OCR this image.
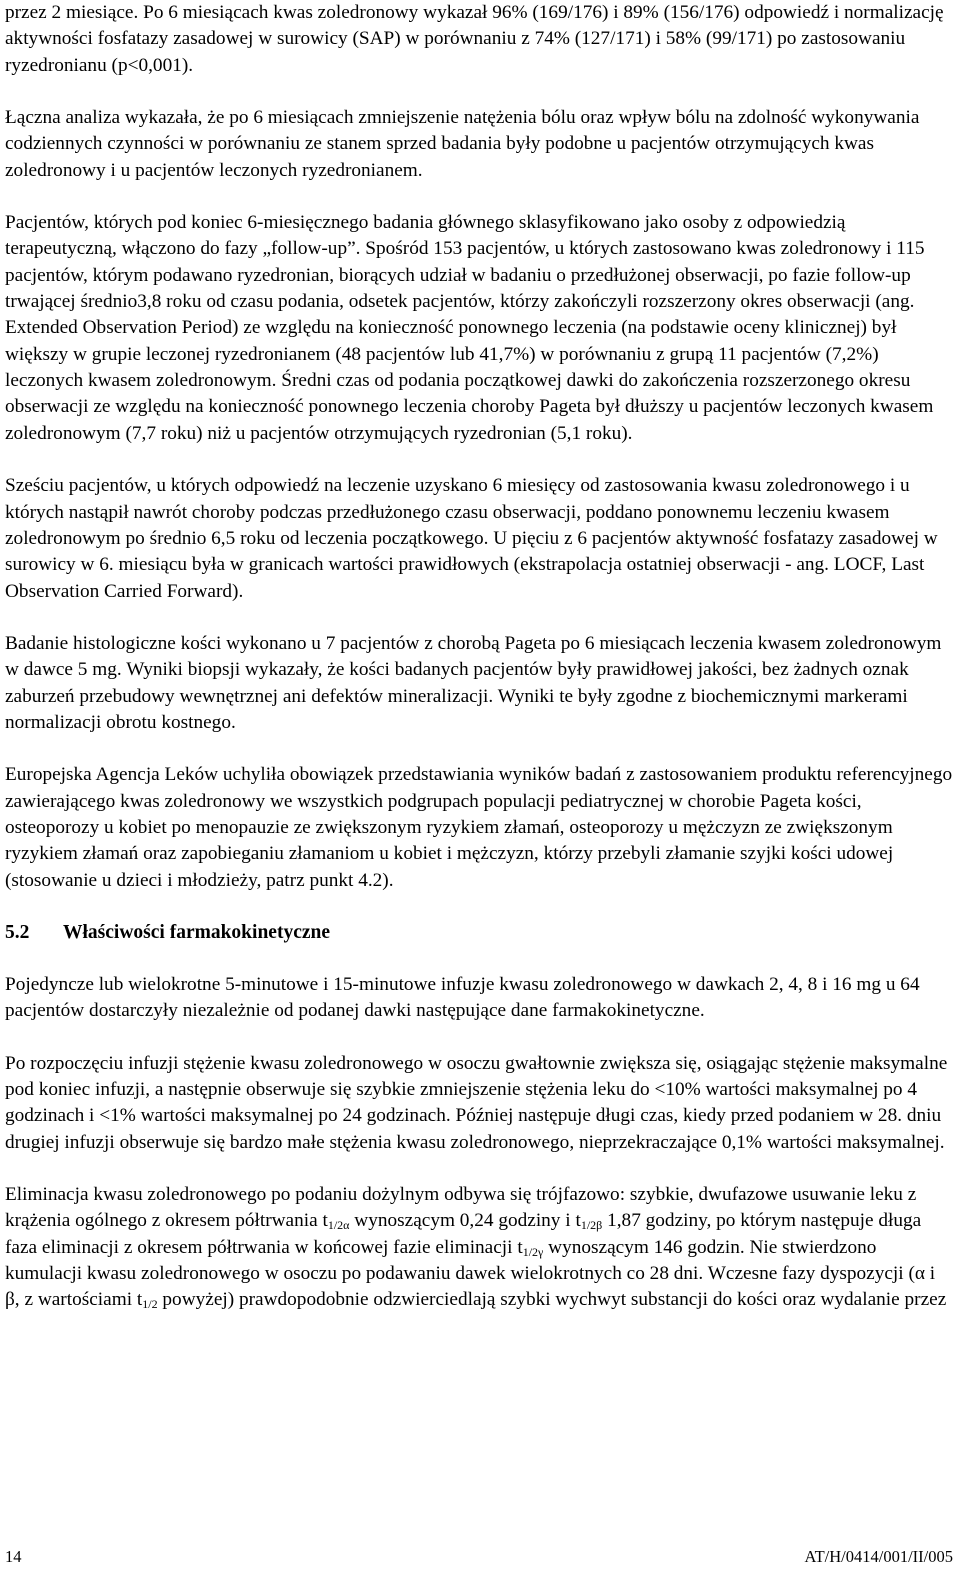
przez 2 miesiące. Po 6 miesiącach kwas zoledronowy wykazał 96% (169/176) i 89% (156/176) odpowiedź i normalizację aktywności fosfatazy zasadowej w surowicy (SAP) w porównaniu z 74% (127/171) i 58% (99/171) po zastosowaniu ryzedronianu (p<0,001).

Łączna analiza wykazała, że po 6 miesiącach zmniejszenie natężenia bólu oraz wpływ bólu na zdolność wykonywania codziennych czynności w porównaniu ze stanem sprzed badania były podobne u pacjentów otrzymujących kwas zoledronowy i u pacjentów leczonych ryzedronianem.

Pacjentów, których pod koniec 6-miesięcznego badania głównego sklasyfikowano jako osoby z odpowiedzią terapeutyczną, włączono do fazy „follow-up”. Spośród 153 pacjentów, u których zastosowano kwas zoledronowy i 115 pacjentów, którym podawano ryzedronian, biorących udział w badaniu o przedłużonej obserwacji, po fazie follow-up trwającej średnio3,8 roku od czasu podania, odsetek pacjentów, którzy zakończyli rozszerzony okres obserwacji (ang. Extended Observation Period) ze względu na konieczność ponownego leczenia (na podstawie oceny klinicznej) był większy w grupie leczonej ryzedronianem (48 pacjentów lub 41,7%) w porównaniu z grupą 11 pacjentów (7,2%) leczonych kwasem zoledronowym. Średni czas od podania początkowej dawki do zakończenia rozszerzonego okresu obserwacji ze względu na konieczność ponownego leczenia choroby Pageta był dłuższy u pacjentów leczonych kwasem zoledronowym (7,7 roku) niż u pacjentów otrzymujących ryzedronian (5,1 roku).

Sześciu pacjentów, u których odpowiedź na leczenie uzyskano 6 miesięcy od zastosowania kwasu zoledronowego i u których nastąpił nawrót choroby podczas przedłużonego czasu obserwacji, poddano ponownemu leczeniu kwasem zoledronowym po średnio 6,5 roku od leczenia początkowego. U pięciu z 6 pacjentów aktywność fosfatazy zasadowej w surowicy w 6. miesiącu była w granicach wartości prawidłowych (ekstrapolacja ostatniej obserwacji - ang. LOCF, Last Observation Carried Forward).

Badanie histologiczne kości wykonano u 7 pacjentów z chorobą Pageta po 6 miesiącach leczenia kwasem zoledronowym w dawce 5 mg. Wyniki biopsji wykazały, że kości badanych pacjentów były prawidłowej jakości, bez żadnych oznak zaburzeń przebudowy wewnętrznej ani defektów mineralizacji. Wyniki te były zgodne z biochemicznymi markerami normalizacji obrotu kostnego.

Europejska Agencja Leków uchyliła obowiązek przedstawiania wyników badań z zastosowaniem produktu referencyjnego zawierającego kwas zoledronowy we wszystkich podgrupach populacji pediatrycznej w chorobie Pageta kości, osteoporozy u kobiet po menopauzie ze zwiększonym ryzykiem złamań, osteoporozy u mężczyzn ze zwiększonym ryzykiem złamań oraz zapobieganiu złamaniom u kobiet i mężczyzn, którzy przebyli złamanie szyjki kości udowej (stosowanie u dzieci i młodzieży, patrz punkt 4.2).

5.2 Właściwości farmakokinetyczne

Pojedyncze lub wielokrotne 5-minutowe i 15-minutowe infuzje kwasu zoledronowego w dawkach 2, 4, 8 i 16 mg u 64 pacjentów dostarczyły niezależnie od podanej dawki następujące dane farmakokinetyczne.

Po rozpoczęciu infuzji stężenie kwasu zoledronowego w osoczu gwałtownie zwiększa się, osiągając stężenie maksymalne pod koniec infuzji, a następnie obserwuje się szybkie zmniejszenie stężenia leku do <10% wartości maksymalnej po 4 godzinach i <1% wartości maksymalnej po 24 godzinach. Później następuje długi czas, kiedy przed podaniem w 28. dniu drugiej infuzji obserwuje się bardzo małe stężenia kwasu zoledronowego, nieprzekraczające 0,1% wartości maksymalnej.

Eliminacja kwasu zoledronowego po podaniu dożylnym odbywa się trójfazowo: szybkie, dwufazowe usuwanie leku z krążenia ogólnego z okresem półtrwania $t_{1/2\alpha}$ wynoszącym 0,24 godziny i $t_{1/2\beta}$ 1,87 godziny, po którym następuje długa faza eliminacji z okresem półtrwania w końcowej fazie eliminacji $t_{1/2\gamma}$ wynoszącym 146 godzin. Nie stwierdzono kumulacji kwasu zoledronowego w osoczu po podawaniu dawek wielokrotnych co 28 dni. Wczesne fazy dyspozycji (α i β, z wartościami $t_{1/2}$ powyżej) prawdopodobnie odzwierciedlają szybki wychwyt substancji do kości oraz wydalanie przez

14	AT/H/0414/001/II/005
